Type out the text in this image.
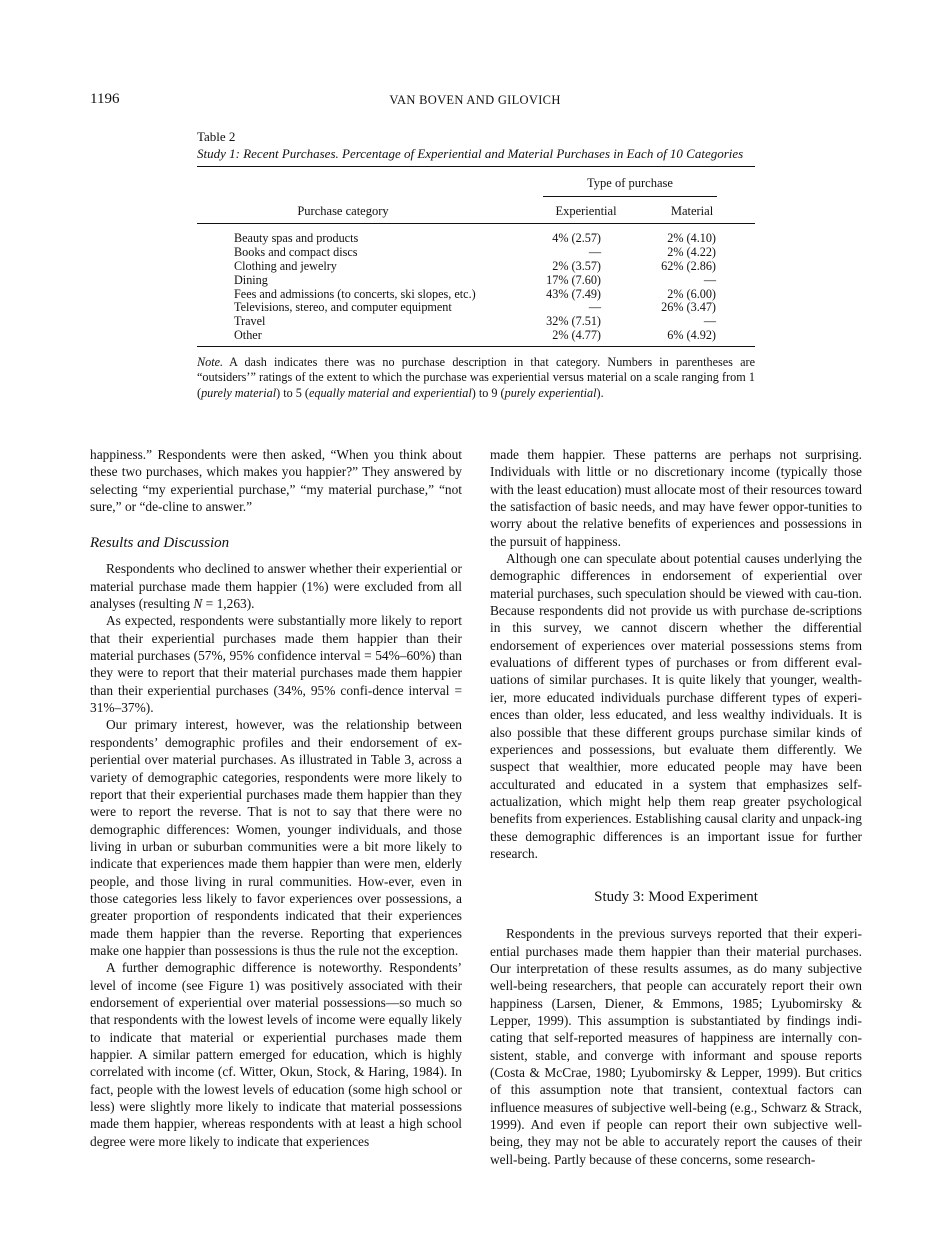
1196	VAN BOVEN AND GILOVICH
Table 2
Study 1: Recent Purchases. Percentage of Experiential and Material Purchases in Each of 10 Categories
Type of purchase
Purchase category	Experiential	Material
Beauty spas and products	4% (2.57)	2% (4.10)
Books and compact discs	—	2% (4.22)
Clothing and jewelry	2% (3.57)	62% (2.86)
Dining	17% (7.60)	—
Fees and admissions (to concerts, ski slopes, etc.)	43% (7.49)	2% (6.00)
Televisions, stereo, and computer equipment	—	26% (3.47)
Travel	32% (7.51)	—
Other	2% (4.77)	6% (4.92)
Note. A dash indicates there was no purchase description in that category. Numbers in parentheses are “outsiders’” ratings of the extent to which the purchase was experiential versus material on a scale ranging from 1 (purely material) to 5 (equally material and experiential) to 9 (purely experiential).

happiness.” Respondents were then asked, “When you think about these two purchases, which makes you happier?” They answered by selecting “my experiential purchase,” “my material purchase,” “not sure,” or “de-cline to answer.”

Results and Discussion

Respondents who declined to answer whether their experiential or material purchase made them happier (1%) were excluded from all analyses (resulting N = 1,263).

As expected, respondents were substantially more likely to report that their experiential purchases made them happier than their material purchases (57%, 95% confidence interval = 54%–60%) than they were to report that their material purchases made them happier than their experiential purchases (34%, 95% confi-dence interval = 31%–37%).

Our primary interest, however, was the relationship between respondents’ demographic profiles and their endorsement of ex-periential over material purchases. As illustrated in Table 3, across a variety of demographic categories, respondents were more likely to report that their experiential purchases made them happier than they were to report the reverse. That is not to say that there were no demographic differences: Women, younger individuals, and those living in urban or suburban communities were a bit more likely to indicate that experiences made them happier than were men, elderly people, and those living in rural communities. How-ever, even in those categories less likely to favor experiences over possessions, a greater proportion of respondents indicated that their experiences made them happier than the reverse. Reporting that experiences make one happier than possessions is thus the rule not the exception.

A further demographic difference is noteworthy. Respondents’ level of income (see Figure 1) was positively associated with their endorsement of experiential over material possessions—so much so that respondents with the lowest levels of income were equally likely to indicate that material or experiential purchases made them happier. A similar pattern emerged for education, which is highly correlated with income (cf. Witter, Okun, Stock, & Haring, 1984). In fact, people with the lowest levels of education (some high school or less) were slightly more likely to indicate that material possessions made them happier, whereas respondents with at least a high school degree were more likely to indicate that experiences

made them happier. These patterns are perhaps not surprising. Individuals with little or no discretionary income (typically those with the least education) must allocate most of their resources toward the satisfaction of basic needs, and may have fewer oppor-tunities to worry about the relative benefits of experiences and possessions in the pursuit of happiness.

Although one can speculate about potential causes underlying the demographic differences in endorsement of experiential over material purchases, such speculation should be viewed with cau-tion. Because respondents did not provide us with purchase de-scriptions in this survey, we cannot discern whether the differential endorsement of experiences over material possessions stems from evaluations of different types of purchases or from different eval-uations of similar purchases. It is quite likely that younger, wealth-ier, more educated individuals purchase different types of experi-ences than older, less educated, and less wealthy individuals. It is also possible that these different groups purchase similar kinds of experiences and possessions, but evaluate them differently. We suspect that wealthier, more educated people may have been acculturated and educated in a system that emphasizes self-actualization, which might help them reap greater psychological benefits from experiences. Establishing causal clarity and unpack-ing these demographic differences is an important issue for further research.

Study 3: Mood Experiment

Respondents in the previous surveys reported that their experi-ential purchases made them happier than their material purchases. Our interpretation of these results assumes, as do many subjective well-being researchers, that people can accurately report their own happiness (Larsen, Diener, & Emmons, 1985; Lyubomirsky & Lepper, 1999). This assumption is substantiated by findings indi-cating that self-reported measures of happiness are internally con-sistent, stable, and converge with informant and spouse reports (Costa & McCrae, 1980; Lyubomirsky & Lepper, 1999). But critics of this assumption note that transient, contextual factors can influence measures of subjective well-being (e.g., Schwarz & Strack, 1999). And even if people can report their own subjective well-being, they may not be able to accurately report the causes of their well-being. Partly because of these concerns, some research-
